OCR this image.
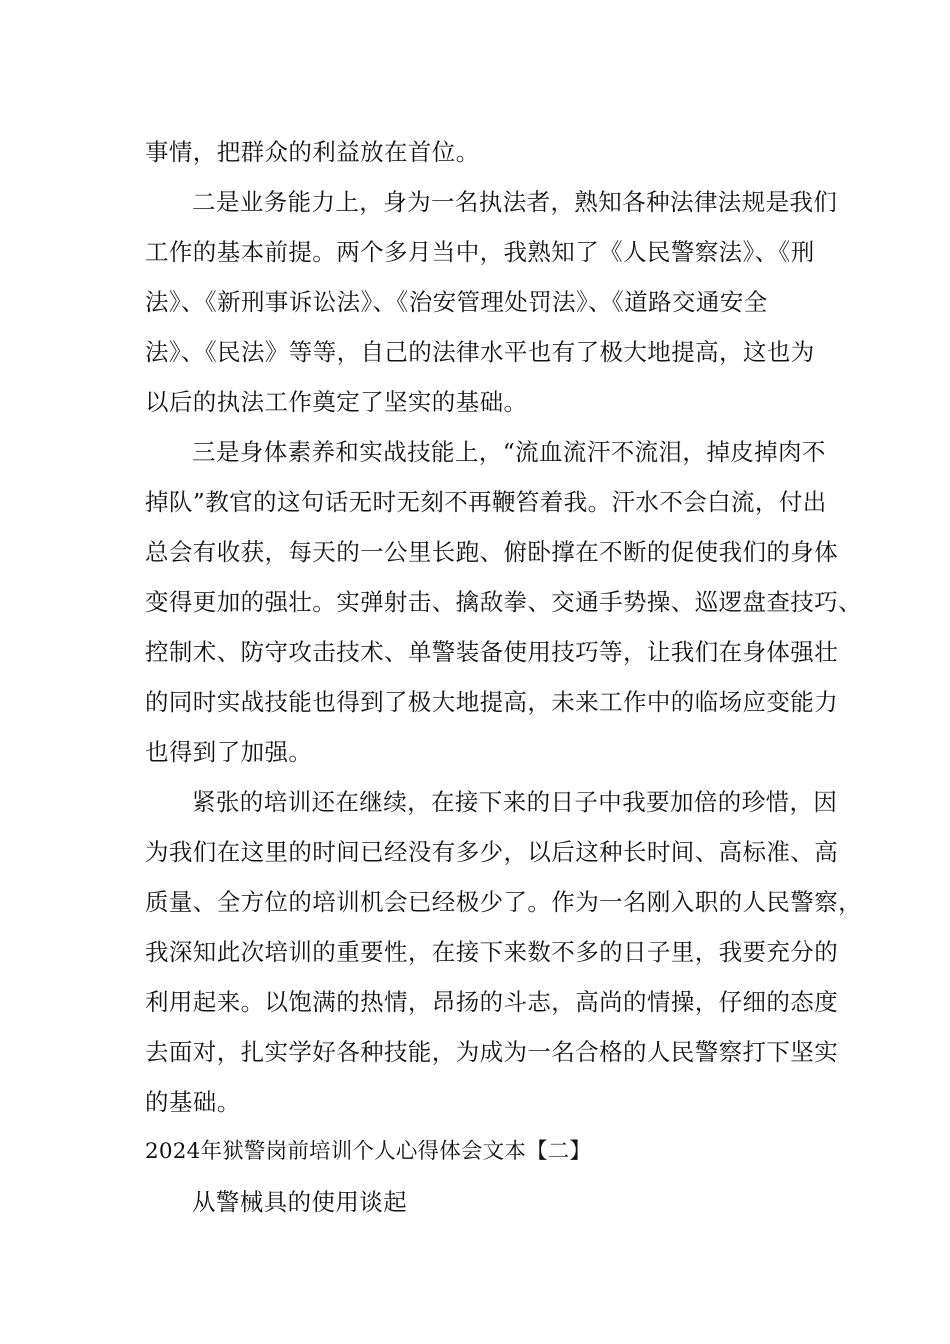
事情，把群众的利益放在首位。
二是业务能力上，身为一名执法者，熟知各种法律法规是我们
工作的基本前提。两个多月当中，我熟知了《人民警察法》、《刑
法》、《新刑事诉讼法》、《治安管理处罚法》、《道路交通安全
法》、《民法》等等，自己的法律水平也有了极大地提高，这也为
以后的执法工作奠定了坚实的基础。
三是身体素养和实战技能上，“流血流汗不流泪，掉皮掉肉不
掉队”教官的这句话无时无刻不再鞭笞着我。汗水不会白流，付出
总会有收获，每天的一公里长跑、俯卧撑在不断的促使我们的身体
变得更加的强壮。实弹射击、擒敌拳、交通手势操、巡逻盘查技巧、
控制术、防守攻击技术、单警装备使用技巧等，让我们在身体强壮
的同时实战技能也得到了极大地提高，未来工作中的临场应变能力
也得到了加强。
紧张的培训还在继续，在接下来的日子中我要加倍的珍惜，因
为我们在这里的时间已经没有多少，以后这种长时间、高标准、高
质量、全方位的培训机会已经极少了。作为一名刚入职的人民警察，
我深知此次培训的重要性，在接下来数不多的日子里，我要充分的
利用起来。以饱满的热情，昂扬的斗志，高尚的情操，仔细的态度
去面对，扎实学好各种技能，为成为一名合格的人民警察打下坚实
的基础。
2024年狱警岗前培训个人心得体会文本【二】
从警械具的使用谈起
